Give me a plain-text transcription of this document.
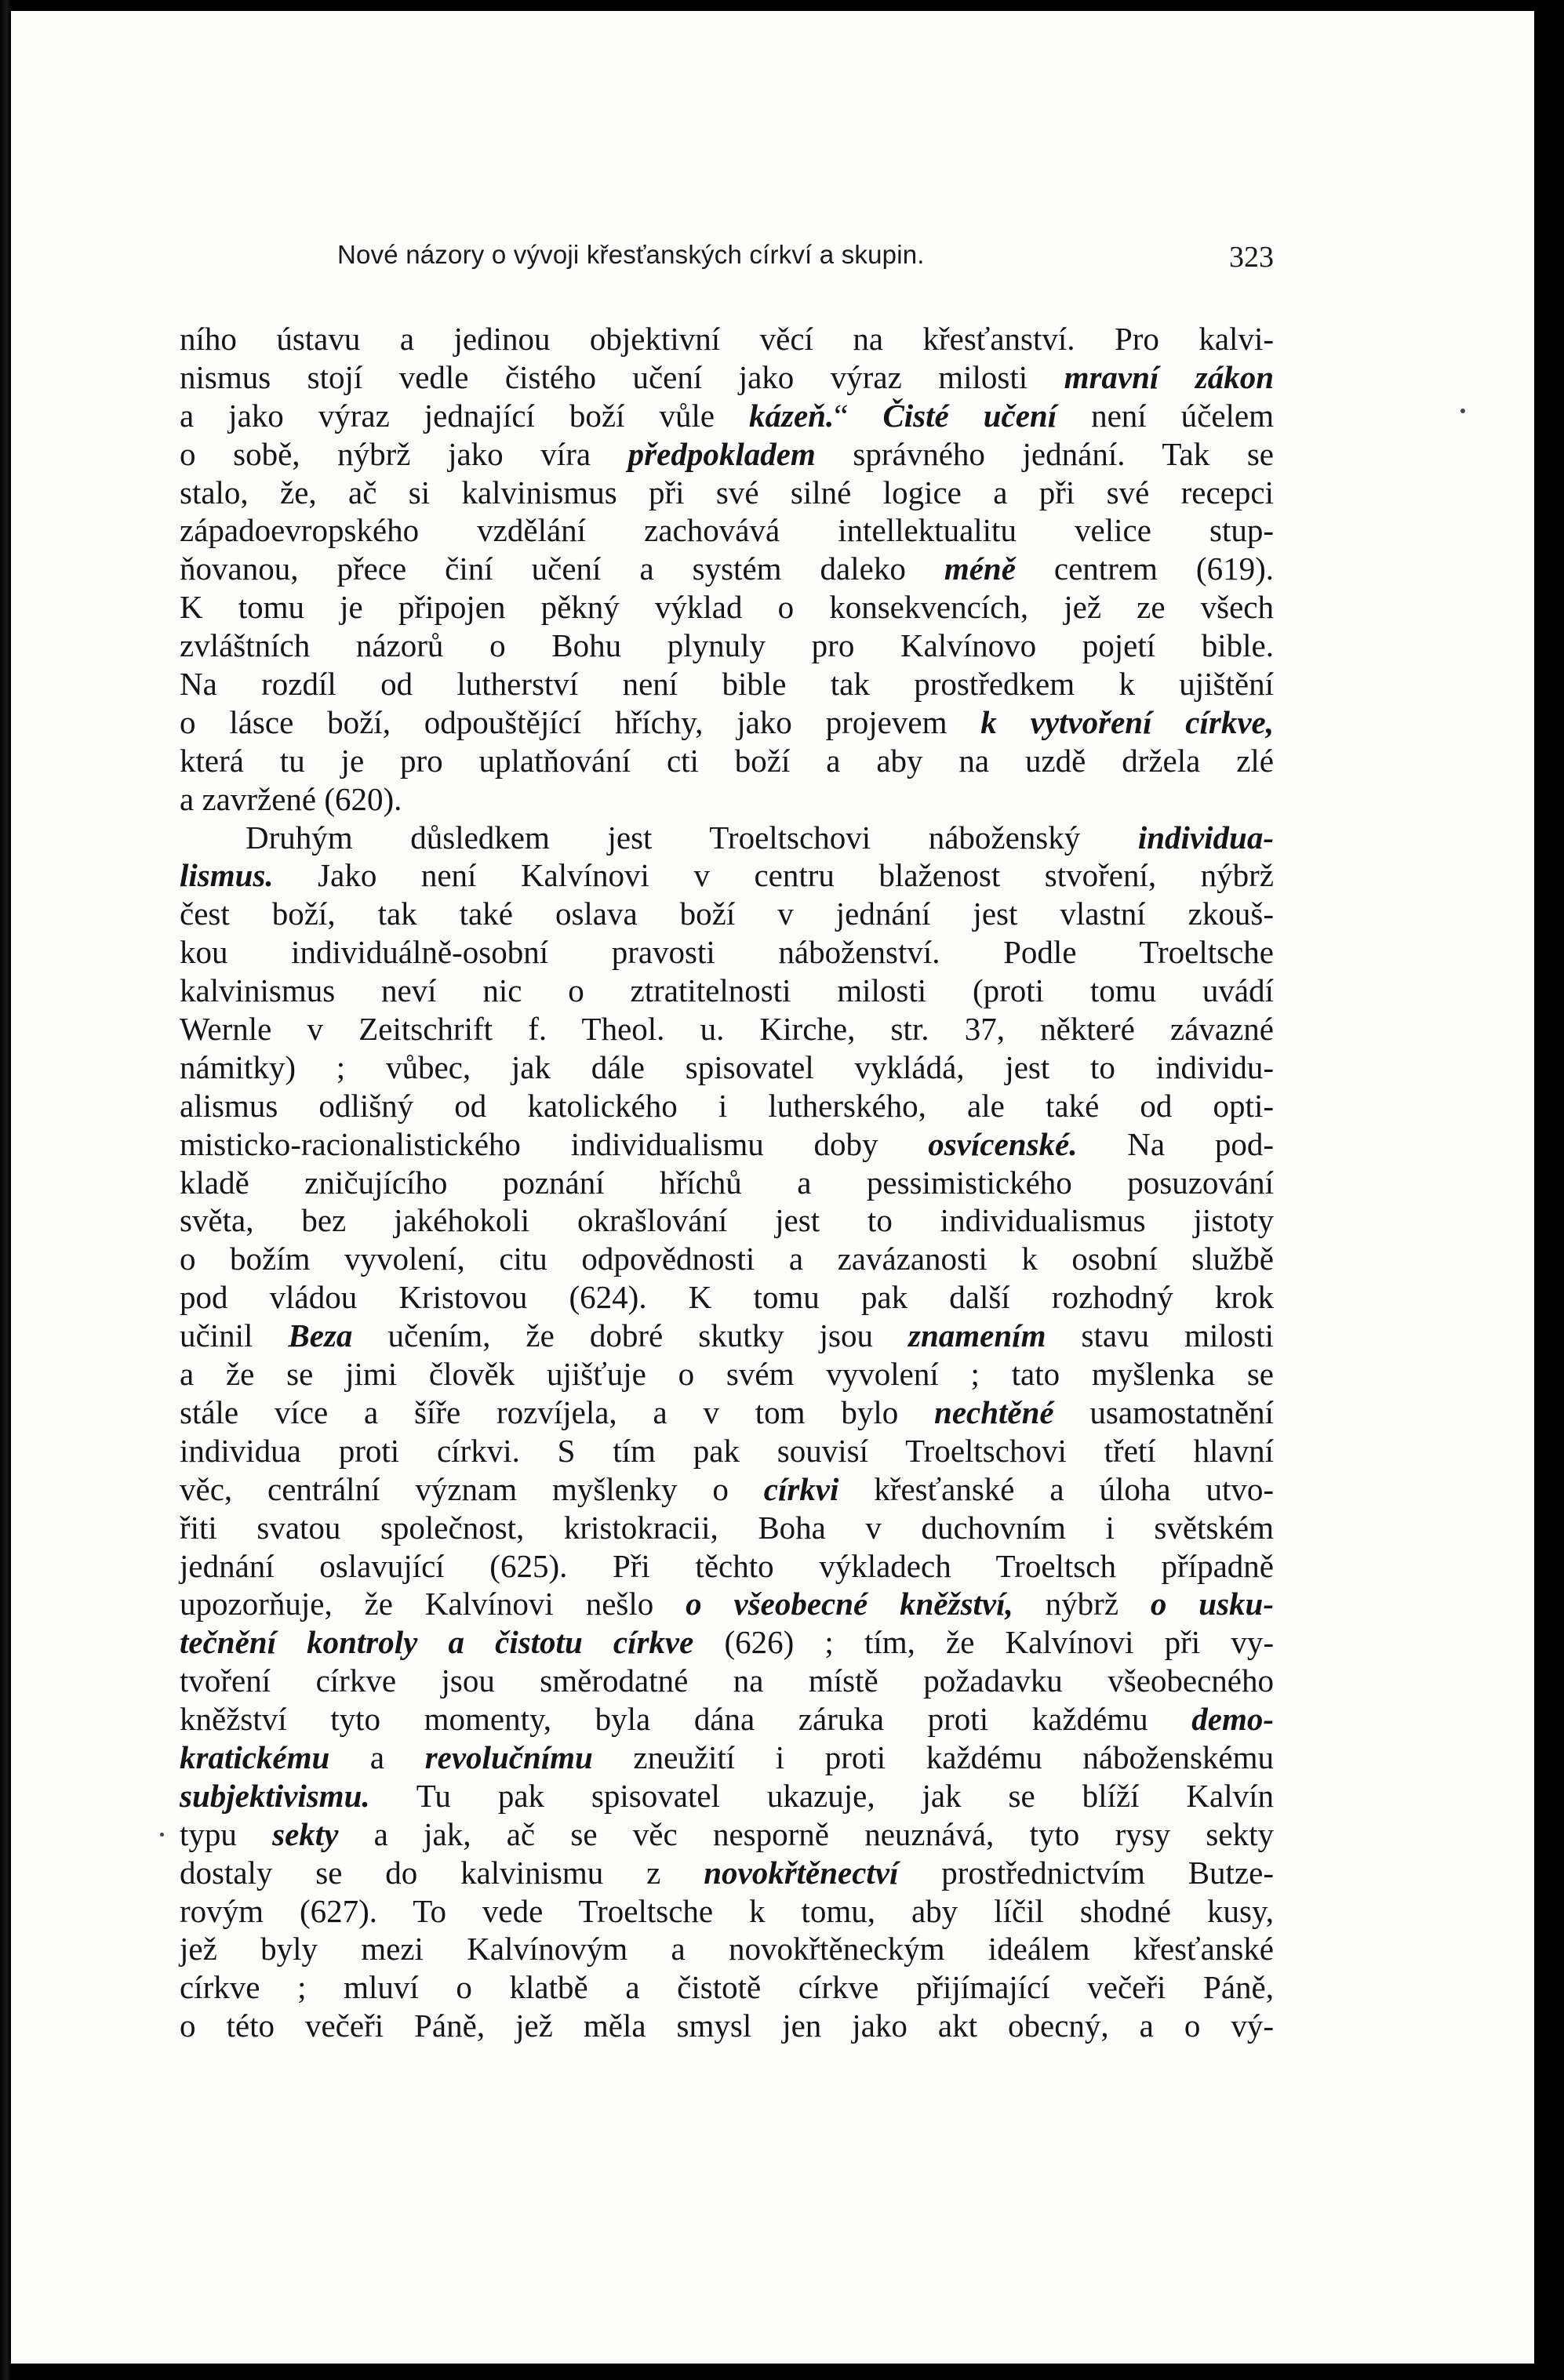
Nové názory o vývoji křesťanských církví a skupin.	323
ního ústavu a jedinou objektivní věcí na křesťanství. Pro kalvi-
nismus stojí vedle čistého učení jako výraz milosti mravní zákon
a jako výraz jednající boží vůle kázeň.“ Čisté učení není účelem
o sobě, nýbrž jako víra předpokladem správného jednání. Tak se
stalo, že, ač si kalvinismus při své silné logice a při své recepci
západoevropského vzdělání zachovává intellektualitu velice stup-
ňovanou, přece činí učení a systém daleko méně centrem (619).
K tomu je připojen pěkný výklad o konsekvencích, jež ze všech
zvláštních názorů o Bohu plynuly pro Kalvínovo pojetí bible.
Na rozdíl od lutherství není bible tak prostředkem k ujištění
o lásce boží, odpouštějící hříchy, jako projevem k vytvoření církve,
která tu je pro uplatňování cti boží a aby na uzdě držela zlé
a zavržené (620).
Druhým důsledkem jest Troeltschovi náboženský individua-
lismus. Jako není Kalvínovi v centru blaženost stvoření, nýbrž
čest boží, tak také oslava boží v jednání jest vlastní zkouš-
kou individuálně-osobní pravosti náboženství. Podle Troeltsche
kalvinismus neví nic o ztratitelnosti milosti (proti tomu uvádí
Wernle v Zeitschrift f. Theol. u. Kirche, str. 37, některé závazné
námitky) ; vůbec, jak dále spisovatel vykládá, jest to individu-
alismus odlišný od katolického i lutherského, ale také od opti-
misticko-racionalistického individualismu doby osvícenské. Na pod-
kladě zničujícího poznání hříchů a pessimistického posuzování
světa, bez jakéhokoli okrašlování jest to individualismus jistoty
o božím vyvolení, citu odpovědnosti a zavázanosti k osobní službě
pod vládou Kristovou (624). K tomu pak další rozhodný krok
učinil Beza učením, že dobré skutky jsou znamením stavu milosti
a že se jimi člověk ujišťuje o svém vyvolení ; tato myšlenka se
stále více a šíře rozvíjela, a v tom bylo nechtěné usamostatnění
individua proti církvi. S tím pak souvisí Troeltschovi třetí hlavní
věc, centrální význam myšlenky o církvi křesťanské a úloha utvo-
řiti svatou společnost, kristokracii, Boha v duchovním i světském
jednání oslavující (625). Při těchto výkladech Troeltsch případně
upozorňuje, že Kalvínovi nešlo o všeobecné kněžství, nýbrž o usku-
tečnění kontroly a čistotu církve (626) ; tím, že Kalvínovi při vy-
tvoření církve jsou směrodatné na místě požadavku všeobecného
kněžství tyto momenty, byla dána záruka proti každému demo-
kratickému a revolučnímu zneužití i proti každému náboženskému
subjektivismu. Tu pak spisovatel ukazuje, jak se blíží Kalvín
typu sekty a jak, ač se věc nesporně neuznává, tyto rysy sekty
dostaly se do kalvinismu z novokřtěnectví prostřednictvím Butze-
rovým (627). To vede Troeltsche k tomu, aby líčil shodné kusy,
jež byly mezi Kalvínovým a novokřtěneckým ideálem křesťanské
církve ; mluví o klatbě a čistotě církve přijímající večeři Páně,
o této večeři Páně, jež měla smysl jen jako akt obecný, a o vý-
